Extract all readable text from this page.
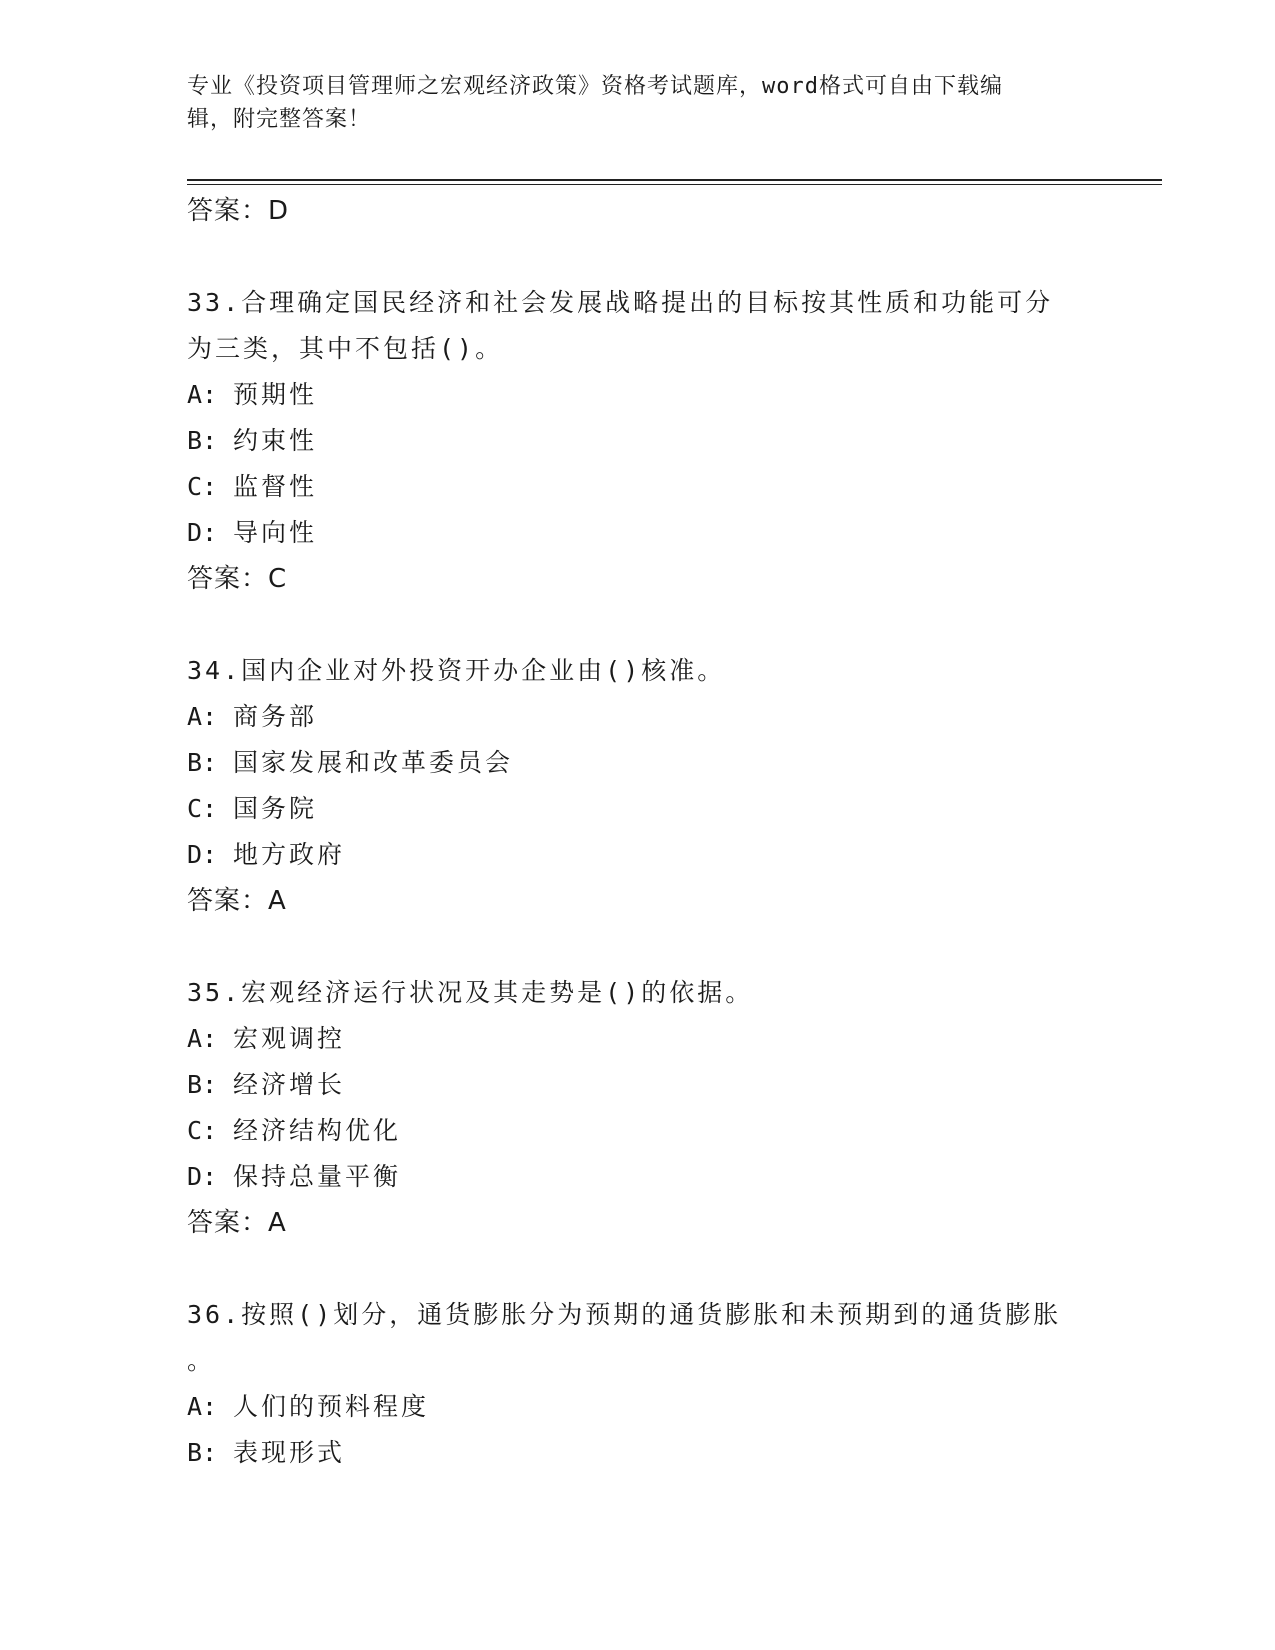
专业《投资项目管理师之宏观经济政策》资格考试题库，word格式可自由下载编
辑，附完整答案！
答案：D
33.合理确定国民经济和社会发展战略提出的目标按其性质和功能可分
为三类，其中不包括()。
A: 预期性
B: 约束性
C: 监督性
D: 导向性
答案：C
34.国内企业对外投资开办企业由()核准。
A: 商务部
B: 国家发展和改革委员会
C: 国务院
D: 地方政府
答案：A
35.宏观经济运行状况及其走势是()的依据。
A: 宏观调控
B: 经济增长
C: 经济结构优化
D: 保持总量平衡
答案：A
36.按照()划分，通货膨胀分为预期的通货膨胀和未预期到的通货膨胀
。
A: 人们的预料程度
B: 表现形式
